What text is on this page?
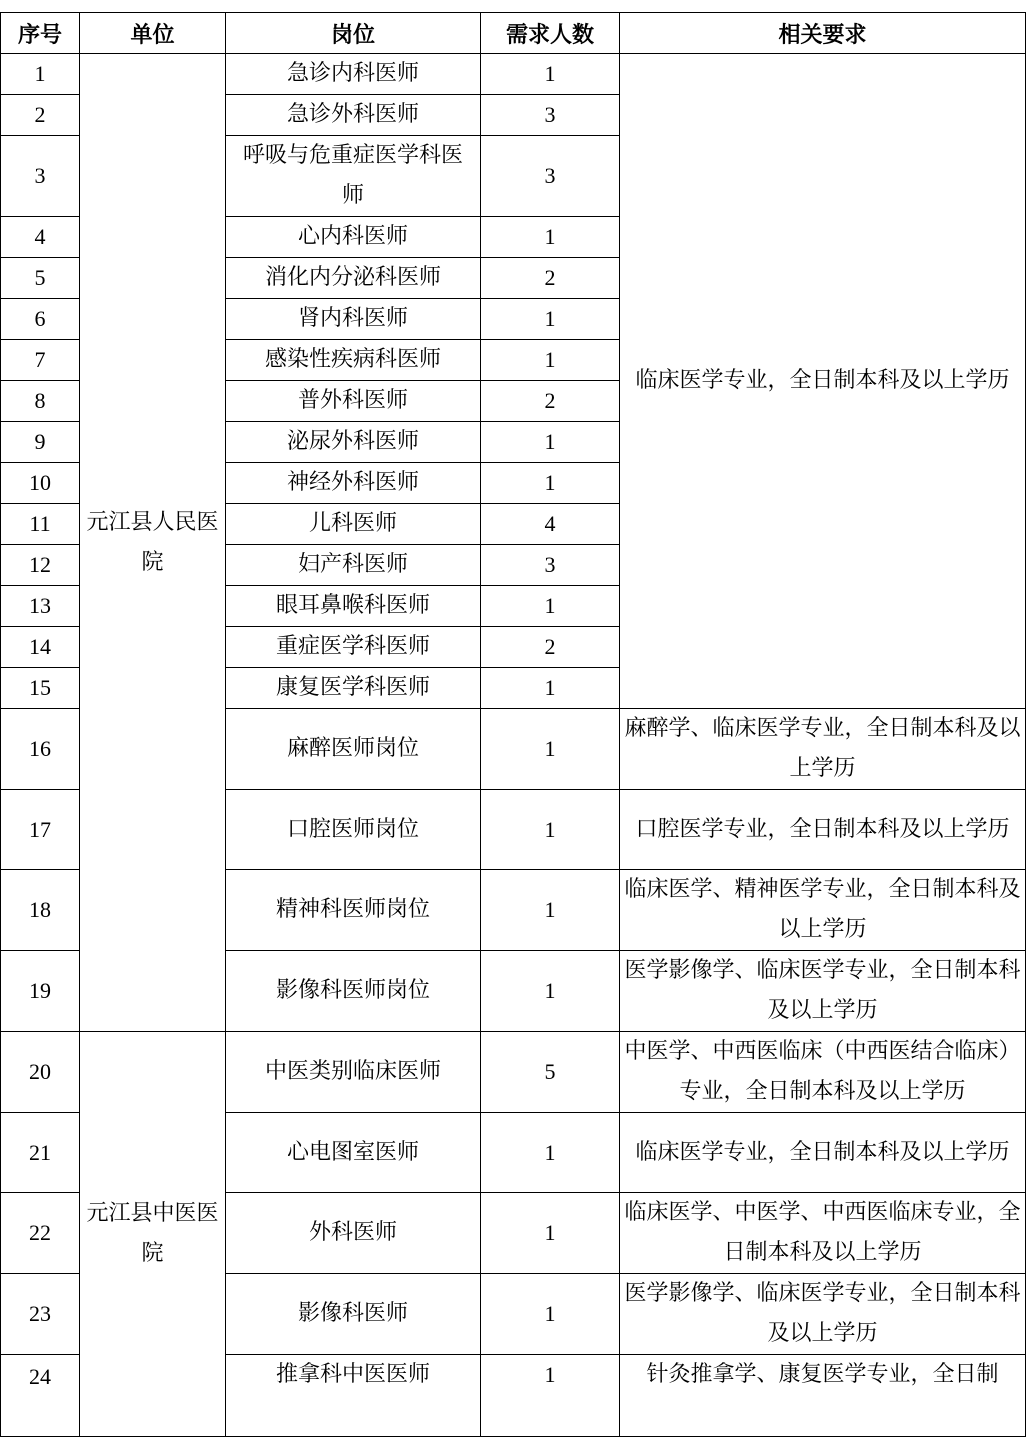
序号	单位	岗位	需求人数	相关要求
1	元江县人民医院	急诊内科医师	1	临床医学专业，全日制本科及以上学历
2		急诊外科医师	3	
3		呼吸与危重症医学科医师	3	
4		心内科医师	1	
5		消化内分泌科医师	2	
6		肾内科医师	1	
7		感染性疾病科医师	1	
8		普外科医师	2	
9		泌尿外科医师	1	
10		神经外科医师	1	
11		儿科医师	4	
12		妇产科医师	3	
13		眼耳鼻喉科医师	1	
14		重症医学科医师	2	
15		康复医学科医师	1	
16		麻醉医师岗位	1	麻醉学、临床医学专业，全日制本科及以上学历
17		口腔医师岗位	1	口腔医学专业，全日制本科及以上学历
18		精神科医师岗位	1	临床医学、精神医学专业，全日制本科及以上学历
19		影像科医师岗位	1	医学影像学、临床医学专业，全日制本科及以上学历
20	元江县中医医院	中医类别临床医师	5	中医学、中西医临床（中西医结合临床）专业，全日制本科及以上学历
21		心电图室医师	1	临床医学专业，全日制本科及以上学历
22		外科医师	1	临床医学、中医学、中西医临床专业，全日制本科及以上学历
23		影像科医师	1	医学影像学、临床医学专业，全日制本科及以上学历
24		推拿科中医医师	1	针灸推拿学、康复医学专业，全日制
